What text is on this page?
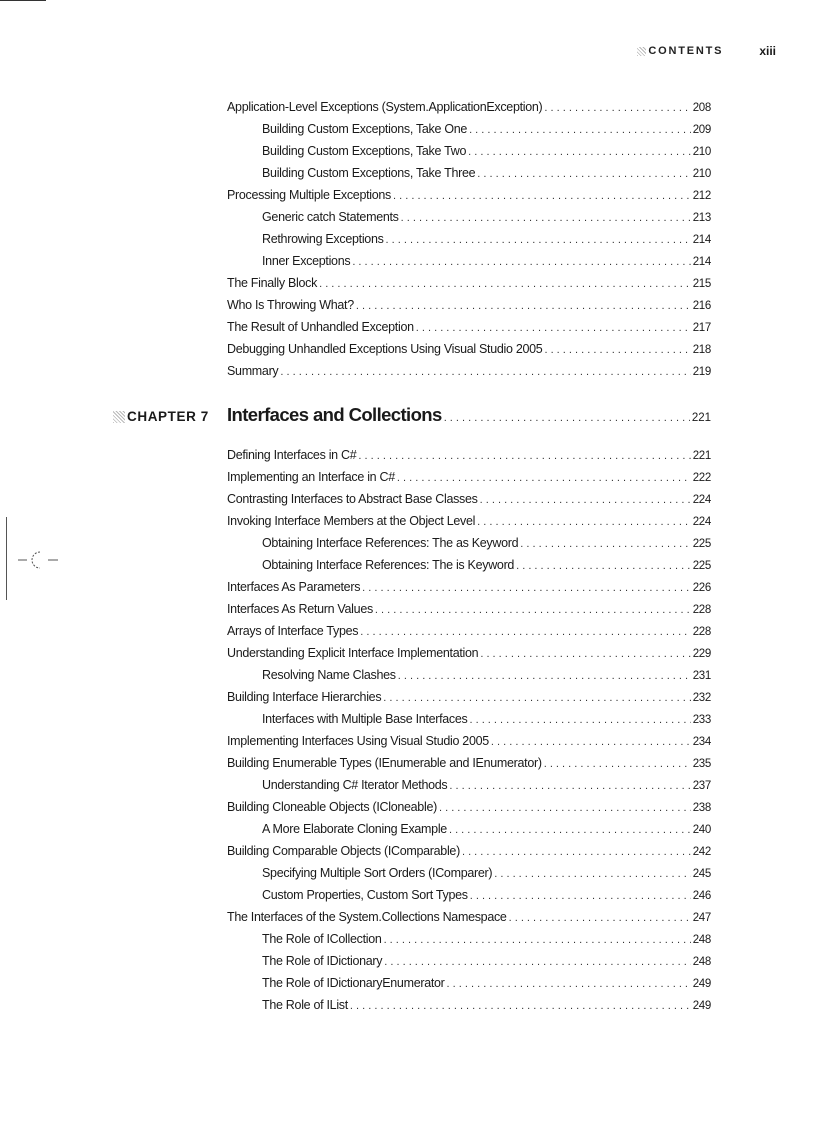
CONTENTS	xiii
Application-Level Exceptions (System.ApplicationException) . . .	208
Building Custom Exceptions, Take One . . .	209
Building Custom Exceptions, Take Two . . .	210
Building Custom Exceptions, Take Three . . .	210
Processing Multiple Exceptions . . .	212
Generic catch Statements . . .	213
Rethrowing Exceptions . . .	214
Inner Exceptions . . .	214
The Finally Block . . .	215
Who Is Throwing What? . . .	216
The Result of Unhandled Exception . . .	217
Debugging Unhandled Exceptions Using Visual Studio 2005 . . .	218
Summary . . .	219
CHAPTER 7 Interfaces and Collections . . .	221
Defining Interfaces in C# . . .	221
Implementing an Interface in C# . . .	222
Contrasting Interfaces to Abstract Base Classes . . .	224
Invoking Interface Members at the Object Level . . .	224
Obtaining Interface References: The as Keyword . . .	225
Obtaining Interface References: The is Keyword . . .	225
Interfaces As Parameters . . .	226
Interfaces As Return Values . . .	228
Arrays of Interface Types . . .	228
Understanding Explicit Interface Implementation . . .	229
Resolving Name Clashes . . .	231
Building Interface Hierarchies . . .	232
Interfaces with Multiple Base Interfaces . . .	233
Implementing Interfaces Using Visual Studio 2005 . . .	234
Building Enumerable Types (IEnumerable and IEnumerator) . . .	235
Understanding C# Iterator Methods . . .	237
Building Cloneable Objects (ICloneable) . . .	238
A More Elaborate Cloning Example . . .	240
Building Comparable Objects (IComparable) . . .	242
Specifying Multiple Sort Orders (IComparer) . . .	245
Custom Properties, Custom Sort Types . . .	246
The Interfaces of the System.Collections Namespace . . .	247
The Role of ICollection . . .	248
The Role of IDictionary . . .	248
The Role of IDictionaryEnumerator . . .	249
The Role of IList . . .	249
